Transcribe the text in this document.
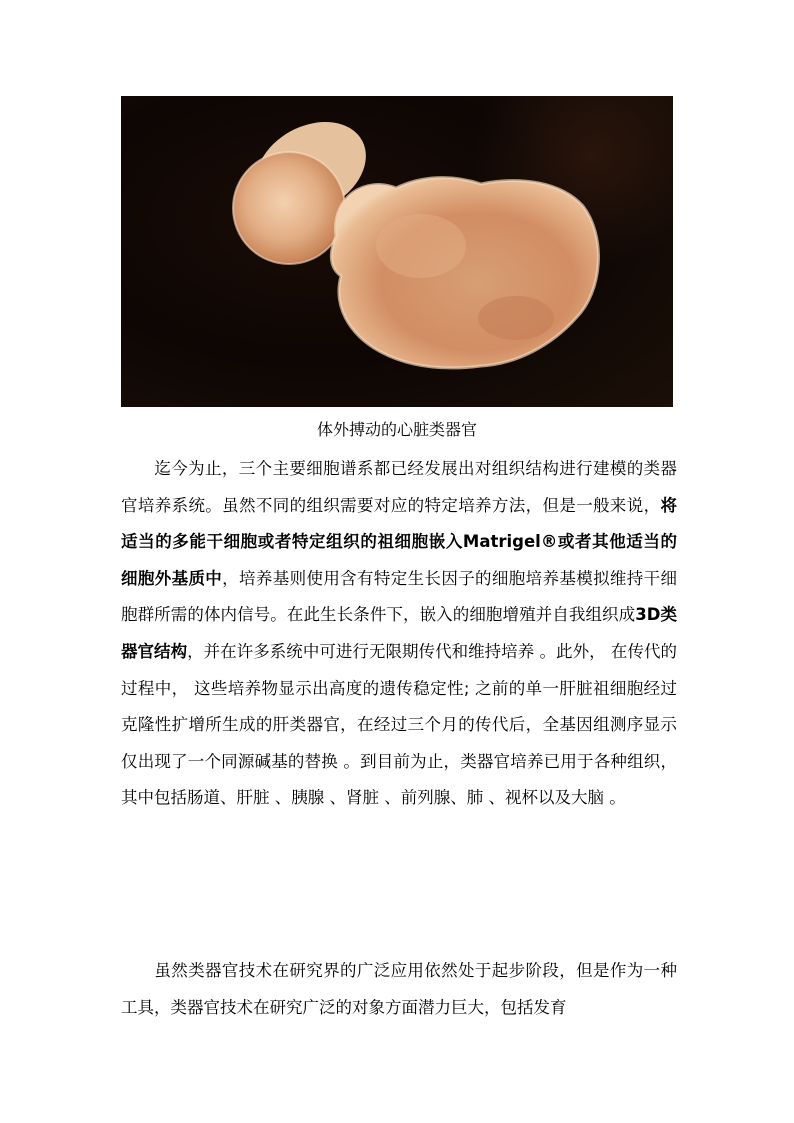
体外搏动的心脏类器官

迄今为止，三个主要细胞谱系都已经发展出对组织结构进行建模的类器官培养系统。虽然不同的组织需要对应的特定培养方法，但是一般来说，将适当的多能干细胞或者特定组织的祖细胞嵌入Matrigel®或者其他适当的细胞外基质中，培养基则使用含有特定生长因子的细胞培养基模拟维持干细胞群所需的体内信号。在此生长条件下，嵌入的细胞增殖并自我组织成3D类器官结构，并在许多系统中可进行无限期传代和维持培养 。此外， 在传代的过程中， 这些培养物显示出高度的遗传稳定性; 之前的单一肝脏祖细胞经过克隆性扩增所生成的肝类器官，在经过三个月的传代后，全基因组测序显示仅出现了一个同源碱基的替换 。到目前为止，类器官培养已用于各种组织，其中包括肠道、肝脏 、胰腺 、肾脏 、前列腺、肺 、视杯以及大脑 。

虽然类器官技术在研究界的广泛应用依然处于起步阶段，但是作为一种工具，类器官技术在研究广泛的对象方面潜力巨大，包括发育
